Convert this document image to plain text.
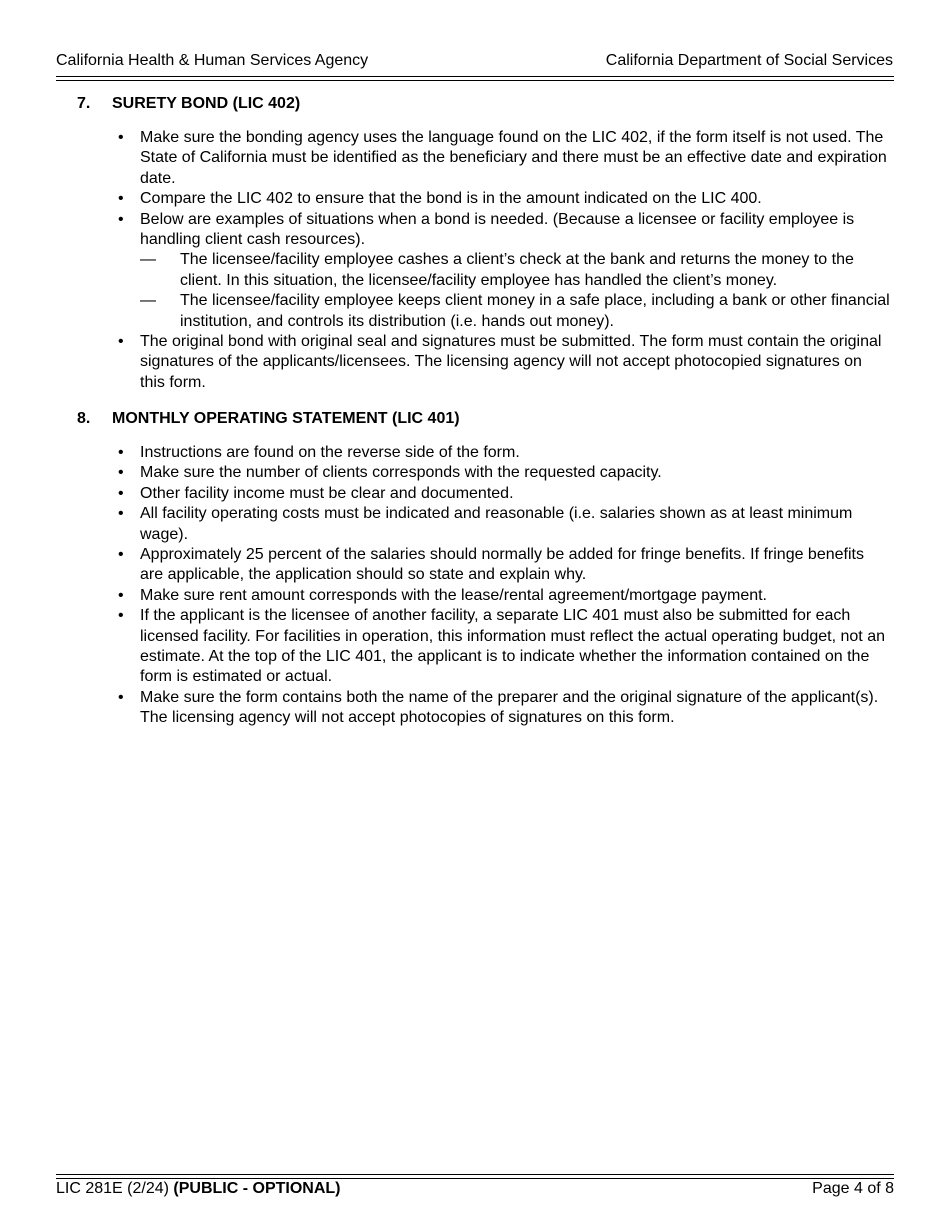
California Health & Human Services Agency	California Department of Social Services
7. SURETY BOND (LIC 402)
• Make sure the bonding agency uses the language found on the LIC 402, if the form itself is not used. The State of California must be identified as the beneficiary and there must be an effective date and expiration date.
• Compare the LIC 402 to ensure that the bond is in the amount indicated on the LIC 400.
• Below are examples of situations when a bond is needed. (Because a licensee or facility employee is handling client cash resources).
— The licensee/facility employee cashes a client’s check at the bank and returns the money to the client. In this situation, the licensee/facility employee has handled the client’s money.
— The licensee/facility employee keeps client money in a safe place, including a bank or other financial institution, and controls its distribution (i.e. hands out money).
• The original bond with original seal and signatures must be submitted. The form must contain the original signatures of the applicants/licensees. The licensing agency will not accept photocopied signatures on this form.
8. MONTHLY OPERATING STATEMENT (LIC 401)
• Instructions are found on the reverse side of the form.
• Make sure the number of clients corresponds with the requested capacity.
• Other facility income must be clear and documented.
• All facility operating costs must be indicated and reasonable (i.e. salaries shown as at least minimum wage).
• Approximately 25 percent of the salaries should normally be added for fringe benefits. If fringe benefits are applicable, the application should so state and explain why.
• Make sure rent amount corresponds with the lease/rental agreement/mortgage payment.
• If the applicant is the licensee of another facility, a separate LIC 401 must also be submitted for each licensed facility. For facilities in operation, this information must reflect the actual operating budget, not an estimate. At the top of the LIC 401, the applicant is to indicate whether the information contained on the form is estimated or actual.
• Make sure the form contains both the name of the preparer and the original signature of the applicant(s). The licensing agency will not accept photocopies of signatures on this form.
LIC 281E (2/24) (PUBLIC - OPTIONAL)	Page 4 of 8
